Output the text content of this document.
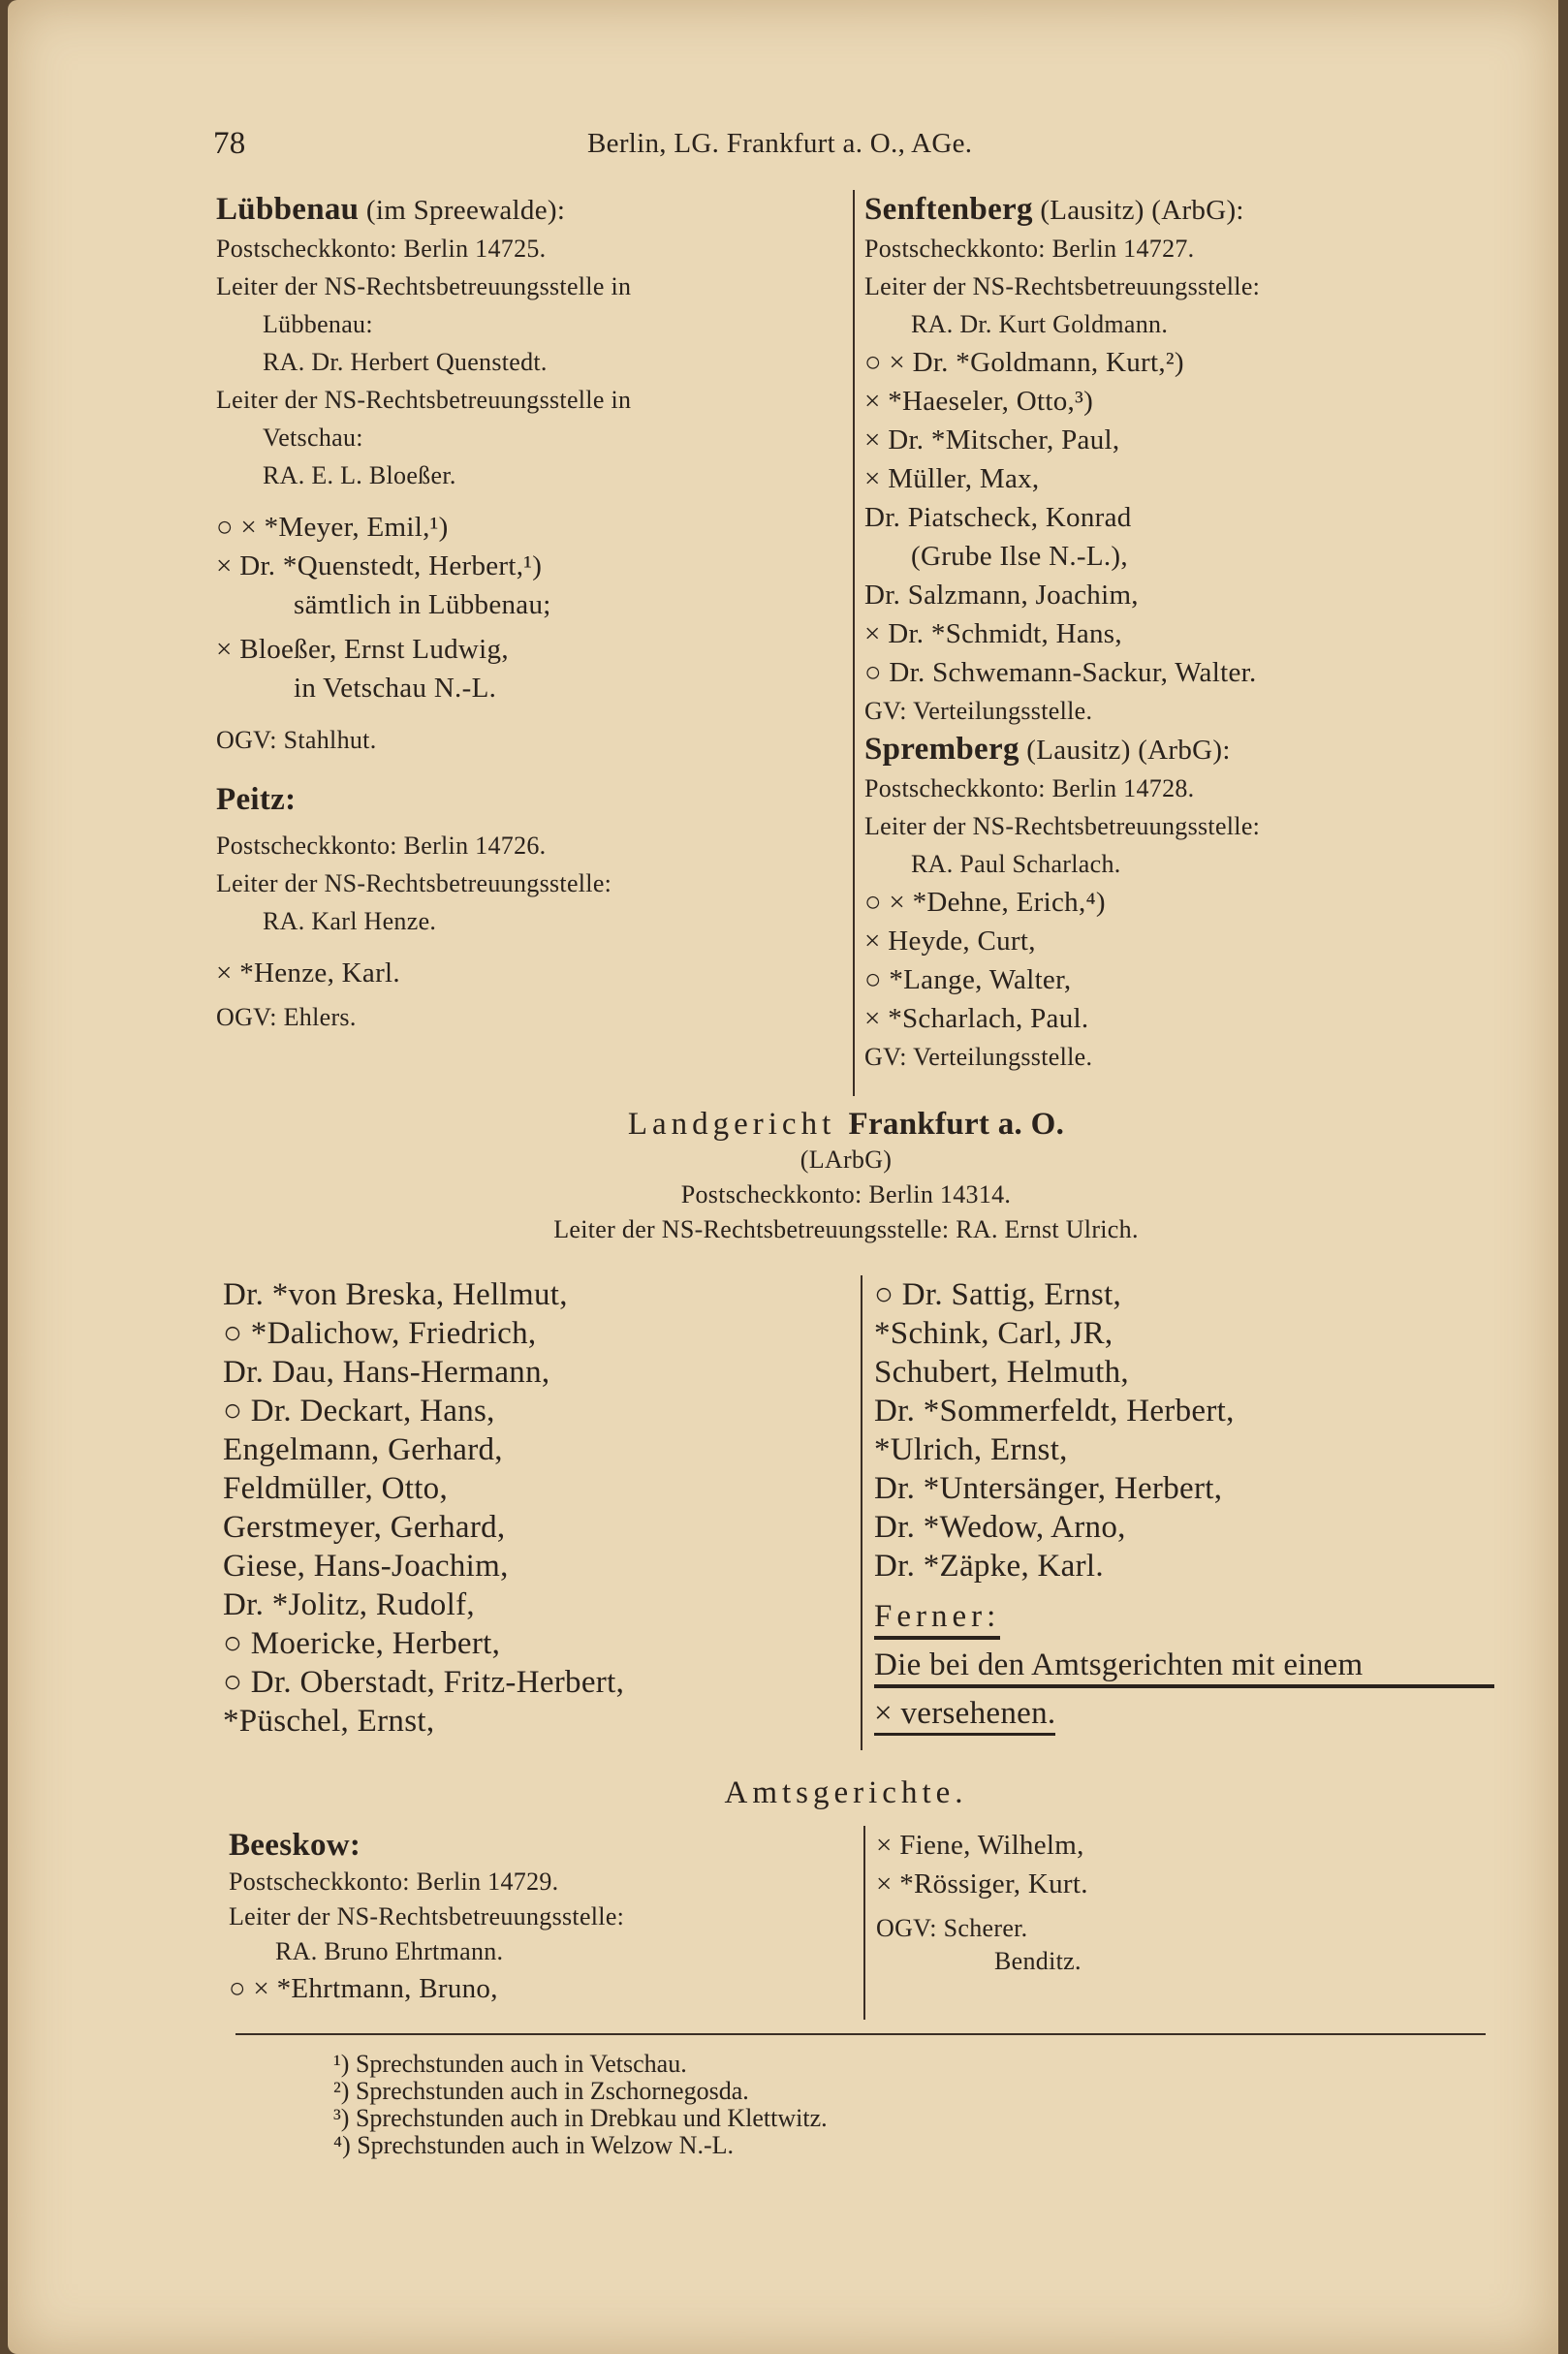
78	Berlin, LG. Frankfurt a. O., AGe.
Lübbenau (im Spreewalde):
Postscheckkonto: Berlin 14725.
Leiter der NS-Rechtsbetreuungsstelle in
Lübbenau:
RA. Dr. Herbert Quenstedt.
Leiter der NS-Rechtsbetreuungsstelle in
Vetschau:
RA. E. L. Bloeßer.
○ × *Meyer, Emil,¹)
× Dr. *Quenstedt, Herbert,¹)
sämtlich in Lübbenau;
× Bloeßer, Ernst Ludwig,
in Vetschau N.-L.
OGV: Stahlhut.
Peitz:
Postscheckkonto: Berlin 14726.
Leiter der NS-Rechtsbetreuungsstelle:
RA. Karl Henze.
× *Henze, Karl.
OGV: Ehlers.
Senftenberg (Lausitz) (ArbG):
Postscheckkonto: Berlin 14727.
Leiter der NS-Rechtsbetreuungsstelle:
RA. Dr. Kurt Goldmann.
○ × Dr. *Goldmann, Kurt,²)
× *Haeseler, Otto,³)
× Dr. *Mitscher, Paul,
× Müller, Max,
Dr. Piatscheck, Konrad
(Grube Ilse N.-L.),
Dr. Salzmann, Joachim,
× Dr. *Schmidt, Hans,
○ Dr. Schwemann-Sackur, Walter.
GV: Verteilungsstelle.
Spremberg (Lausitz) (ArbG):
Postscheckkonto: Berlin 14728.
Leiter der NS-Rechtsbetreuungsstelle:
RA. Paul Scharlach.
○ × *Dehne, Erich,⁴)
× Heyde, Curt,
○ *Lange, Walter,
× *Scharlach, Paul.
GV: Verteilungsstelle.
Landgericht Frankfurt a. O.
(LArbG)
Postscheckkonto: Berlin 14314.
Leiter der NS-Rechtsbetreuungsstelle: RA. Ernst Ulrich.
Dr. *von Breska, Hellmut,
○ *Dalichow, Friedrich,
Dr. Dau, Hans-Hermann,
○ Dr. Deckart, Hans,
Engelmann, Gerhard,
Feldmüller, Otto,
Gerstmeyer, Gerhard,
Giese, Hans-Joachim,
Dr. *Jolitz, Rudolf,
○ Moericke, Herbert,
○ Dr. Oberstadt, Fritz-Herbert,
*Püschel, Ernst,
○ Dr. Sattig, Ernst,
*Schink, Carl, JR,
Schubert, Helmuth,
Dr. *Sommerfeldt, Herbert,
*Ulrich, Ernst,
Dr. *Untersänger, Herbert,
Dr. *Wedow, Arno,
Dr. *Zäpke, Karl.
Ferner:
Die bei den Amtsgerichten mit einem
× versehenen.
Amtsgerichte.
Beeskow:
Postscheckkonto: Berlin 14729.
Leiter der NS-Rechtsbetreuungsstelle:
RA. Bruno Ehrtmann.
○ × *Ehrtmann, Bruno,
× Fiene, Wilhelm,
× *Rössiger, Kurt.
OGV: Scherer.
Benditz.
¹) Sprechstunden auch in Vetschau.
²) Sprechstunden auch in Zschornegosda.
³) Sprechstunden auch in Drebkau und Klettwitz.
⁴) Sprechstunden auch in Welzow N.-L.
